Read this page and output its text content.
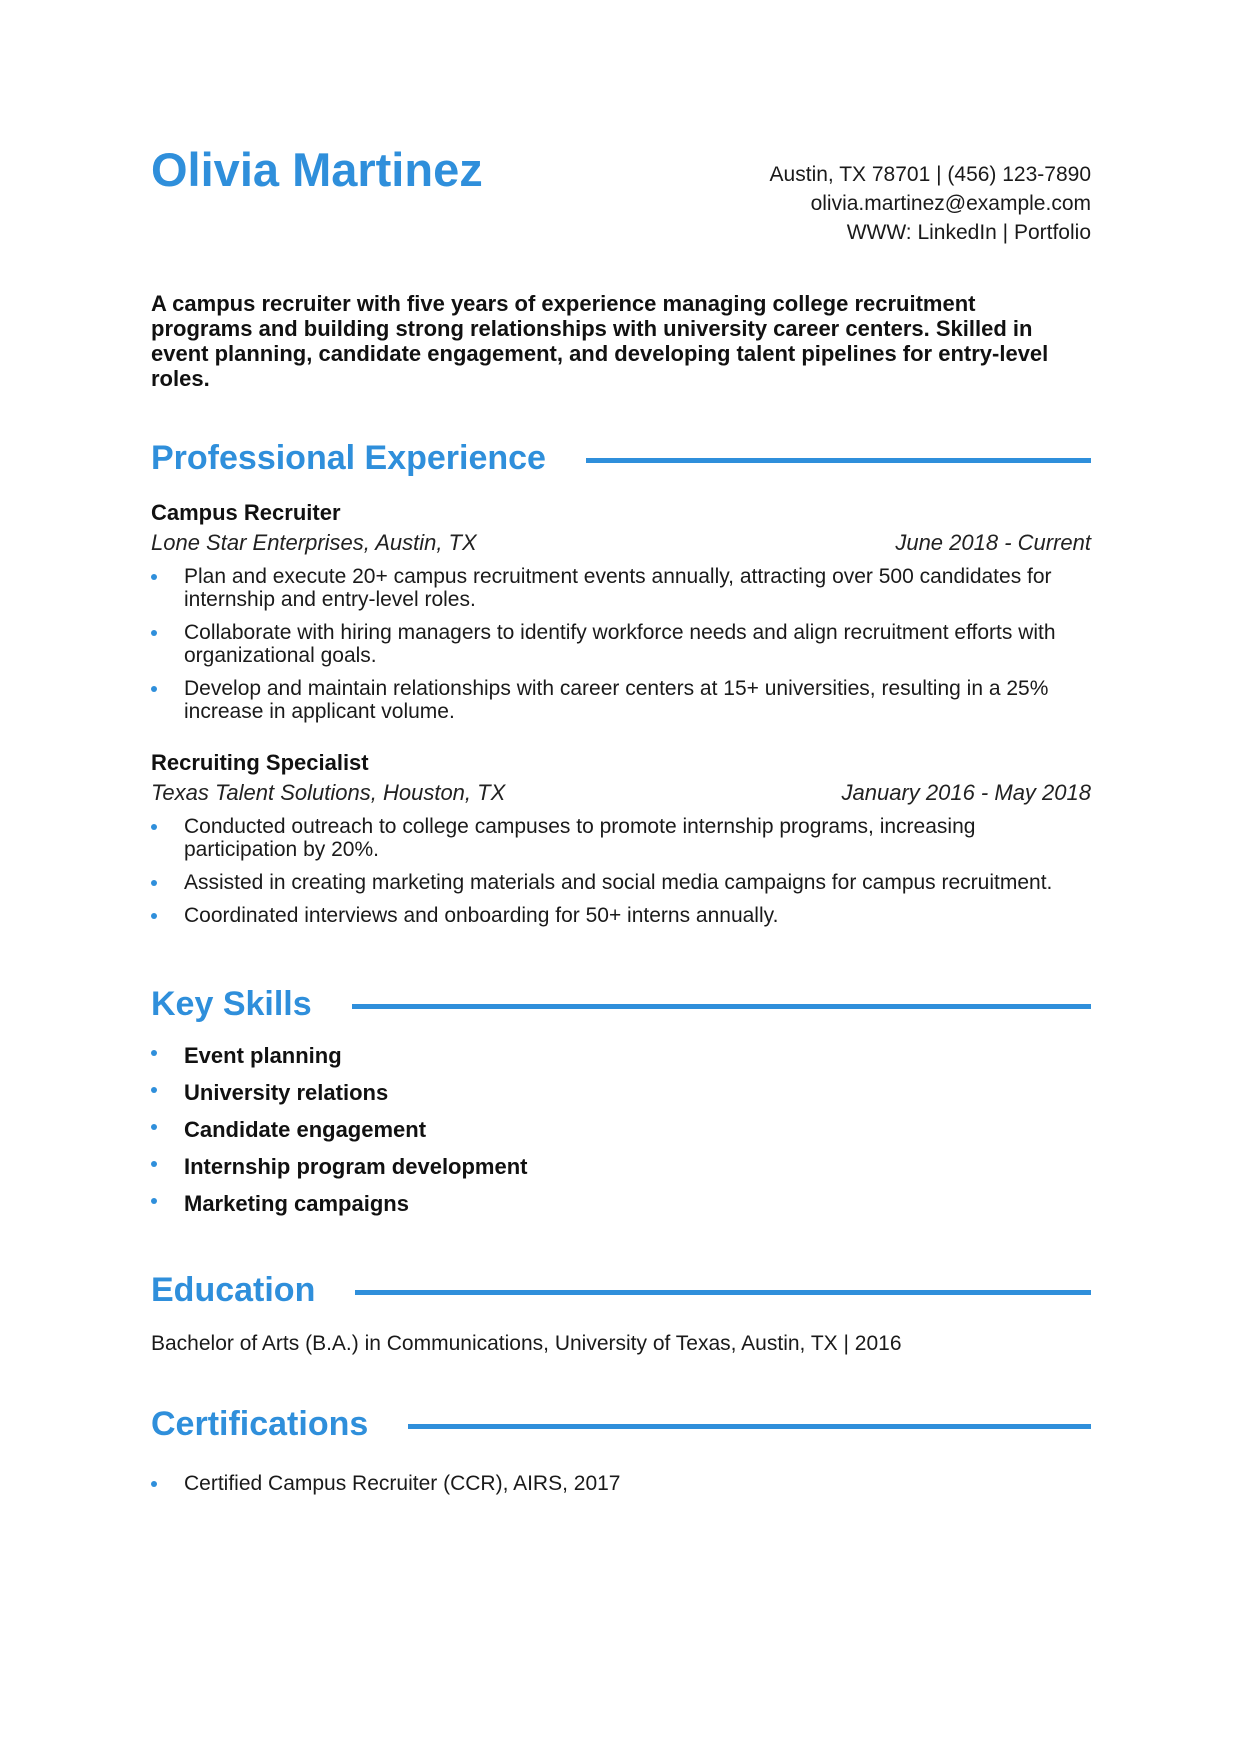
Olivia Martinez	Austin, TX 78701 | (456) 123-7890
olivia.martinez@example.com
WWW: LinkedIn | Portfolio
A campus recruiter with five years of experience managing college recruitment programs and building strong relationships with university career centers. Skilled in event planning, candidate engagement, and developing talent pipelines for entry-level roles.
Professional Experience
Campus Recruiter
Lone Star Enterprises, Austin, TX	June 2018 - Current
Plan and execute 20+ campus recruitment events annually, attracting over 500 candidates for internship and entry-level roles.
Collaborate with hiring managers to identify workforce needs and align recruitment efforts with organizational goals.
Develop and maintain relationships with career centers at 15+ universities, resulting in a 25% increase in applicant volume.
Recruiting Specialist
Texas Talent Solutions, Houston, TX	January 2016 - May 2018
Conducted outreach to college campuses to promote internship programs, increasing participation by 20%.
Assisted in creating marketing materials and social media campaigns for campus recruitment.
Coordinated interviews and onboarding for 50+ interns annually.
Key Skills
Event planning
University relations
Candidate engagement
Internship program development
Marketing campaigns
Education
Bachelor of Arts (B.A.) in Communications, University of Texas, Austin, TX | 2016
Certifications
Certified Campus Recruiter (CCR), AIRS, 2017
